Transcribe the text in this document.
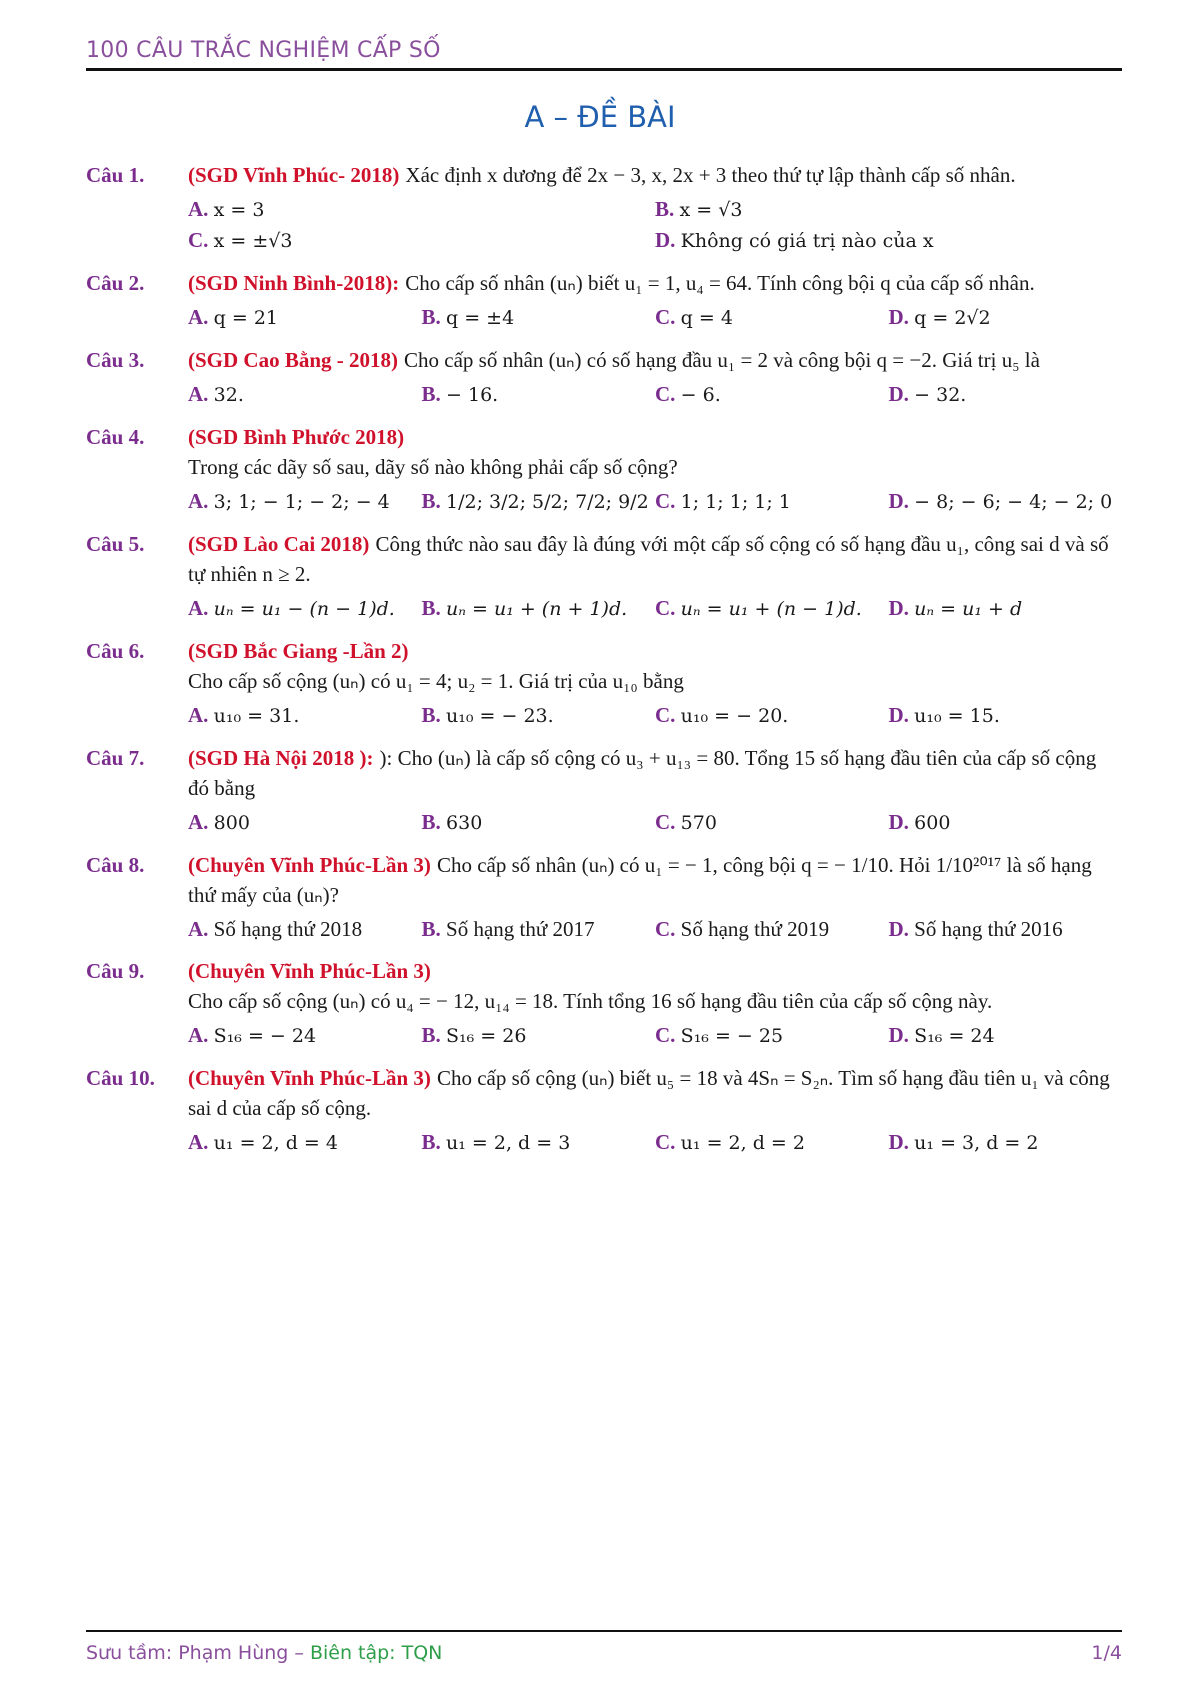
100 CÂU TRẮC NGHIỆM CẤP SỐ
A – ĐỀ BÀI
Câu 1.	(SGD Vĩnh Phúc- 2018) Xác định x dương để 2x − 3, x, 2x + 3 theo thứ tự lập thành cấp số nhân.
A. x = 3	B. x = √3
C. x = ±√3	D. Không có giá trị nào của x
Câu 2.	(SGD Ninh Bình-2018): Cho cấp số nhân (uₙ) biết u₁ = 1, u₄ = 64. Tính công bội q của cấp số nhân.
A. q = 21	B. q = ±4	C. q = 4	D. q = 2√2
Câu 3.	(SGD Cao Bằng - 2018) Cho cấp số nhân (uₙ) có số hạng đầu u₁ = 2 và công bội q = −2. Giá trị u₅ là
A. 32.	B. − 16.	C. − 6.	D. − 32.
Câu 4.	(SGD Bình Phước 2018)
Trong các dãy số sau, dãy số nào không phải cấp số cộng?
A. 3; 1; − 1; − 2; − 4	B. 1/2; 3/2; 5/2; 7/2; 9/2 C. 1; 1; 1; 1; 1	D. − 8; − 6; − 4; − 2; 0
Câu 5.	(SGD Lào Cai 2018) Công thức nào sau đây là đúng với một cấp số cộng có số hạng đầu u₁, công sai d và số tự nhiên n ≥ 2.
A. uₙ = u₁ − (n − 1)d.	B. uₙ = u₁ + (n + 1)d.	C. uₙ = u₁ + (n − 1)d.	D. uₙ = u₁ + d
Câu 6.	(SGD Bắc Giang -Lần 2)
Cho cấp số cộng (uₙ) có u₁ = 4; u₂ = 1. Giá trị của u₁₀ bằng
A. u₁₀ = 31.	B. u₁₀ = − 23.	C. u₁₀ = − 20.	D. u₁₀ = 15.
Câu 7.	(SGD Hà Nội 2018 ): ): Cho (uₙ) là cấp số cộng có u₃ + u₁₃ = 80. Tổng 15 số hạng đầu tiên của cấp số cộng đó bằng
A. 800	B. 630	C. 570	D. 600
Câu 8.	(Chuyên Vĩnh Phúc-Lần 3) Cho cấp số nhân (uₙ) có u₁ = − 1, công bội q = − 1/10. Hỏi 1/10²⁰¹⁷ là số hạng thứ mấy của (uₙ)?
A. Số hạng thứ 2018	B. Số hạng thứ 2017	C. Số hạng thứ 2019	D. Số hạng thứ 2016
Câu 9.	(Chuyên Vĩnh Phúc-Lần 3)
Cho cấp số cộng (uₙ) có u₄ = − 12, u₁₄ = 18. Tính tổng 16 số hạng đầu tiên của cấp số cộng này.
A. S₁₆ = − 24	B. S₁₆ = 26	C. S₁₆ = − 25	D. S₁₆ = 24
Câu 10.	(Chuyên Vĩnh Phúc-Lần 3) Cho cấp số cộng (uₙ) biết u₅ = 18 và 4Sₙ = S₂ₙ. Tìm số hạng đầu tiên u₁ và công sai d của cấp số cộng.
A. u₁ = 2, d = 4	B. u₁ = 2, d = 3	C. u₁ = 2, d = 2	D. u₁ = 3, d = 2
Sưu tầm: Phạm Hùng – Biên tập: TQN	1/4
